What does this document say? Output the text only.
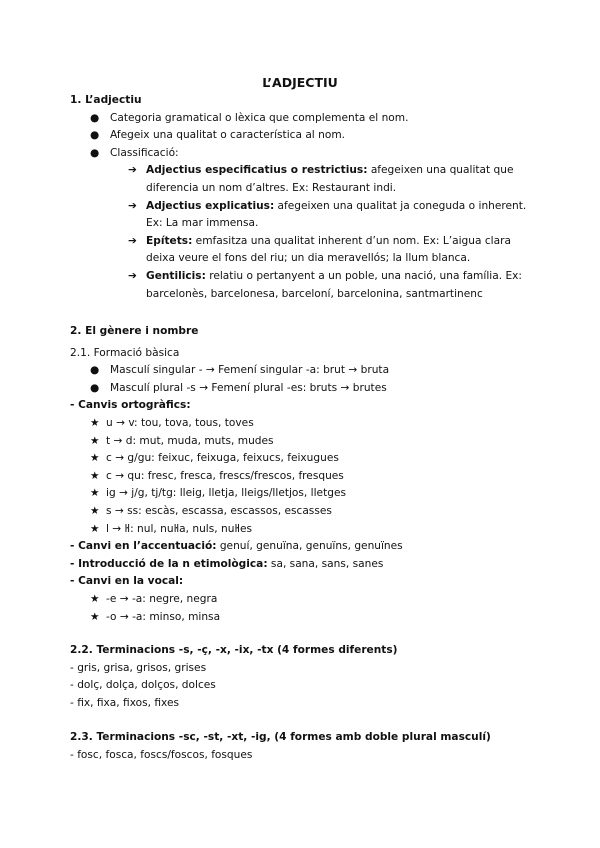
L’ADJECTIU
1. L’adjectiu
● Categoria gramatical o lèxica que complementa el nom.
● Afegeix una qualitat o característica al nom.
● Classificació:
➔ Adjectius especificatius o restrictius: afegeixen una qualitat que diferencia un nom d’altres. Ex: Restaurant indi.
➔ Adjectius explicatius: afegeixen una qualitat ja coneguda o inherent. Ex: La mar immensa.
➔ Epítets: emfasitza una qualitat inherent d’un nom. Ex: L’aigua clara deixa veure el fons del riu; un dia meravellós; la llum blanca.
➔ Gentilicis: relatiu o pertanyent a un poble, una nació, una família. Ex: barcelonès, barcelonesa, barceloní, barcelonina, santmartinenc
2. El gènere i nombre
2.1. Formació bàsica
● Masculí singular - → Femení singular -a: brut → bruta
● Masculí plural -s → Femení plural -es: bruts → brutes
- Canvis ortogràfics:
★ u → v: tou, tova, tous, toves
★ t → d: mut, muda, muts, mudes
★ c → g/gu: feixuc, feixuga, feixucs, feixugues
★ c → qu: fresc, fresca, frescs/frescos, fresques
★ ig → j/g, tj/tg: lleig, lletja, lleigs/lletjos, lletges
★ s → ss: escàs, escassa, escassos, escasses
★ l → ŀl: nul, nuŀla, nuls, nuŀles
- Canvi en l’accentuació: genuí, genuïna, genuïns, genuïnes
- Introducció de la n etimològica: sa, sana, sans, sanes
- Canvi en la vocal:
★ -e → -a: negre, negra
★ -o → -a: minso, minsa
2.2. Terminacions -s, -ç, -x, -ix, -tx (4 formes diferents)
- gris, grisa, grisos, grises
- dolç, dolça, dolços, dolces
- fix, fixa, fixos, fixes
2.3. Terminacions -sc, -st, -xt, -ig, (4 formes amb doble plural masculí)
- fosc, fosca, foscs/foscos, fosques
